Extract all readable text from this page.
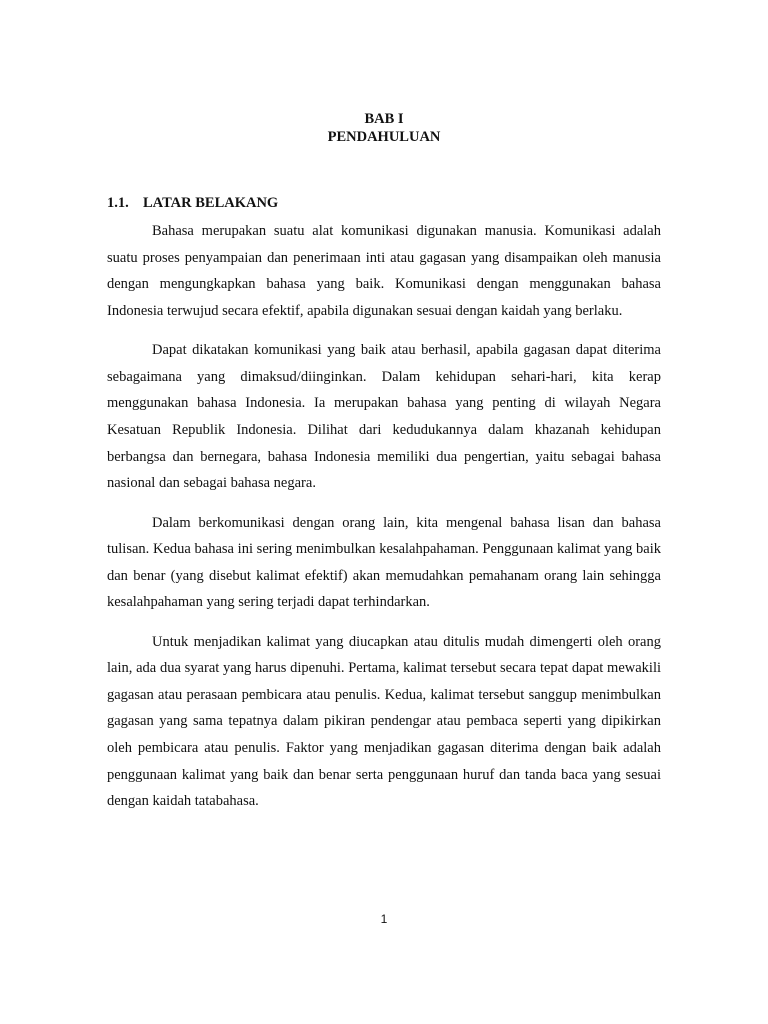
BAB I
PENDAHULUAN
1.1. LATAR BELAKANG

Bahasa merupakan suatu alat komunikasi digunakan manusia. Komunikasi adalah suatu proses penyampaian dan penerimaan inti atau gagasan yang disampaikan oleh manusia dengan mengungkapkan bahasa yang baik. Komunikasi dengan menggunakan bahasa Indonesia terwujud secara efektif, apabila digunakan sesuai dengan kaidah yang berlaku.

Dapat dikatakan komunikasi yang baik atau berhasil, apabila gagasan dapat diterima sebagaimana yang dimaksud/diinginkan. Dalam kehidupan sehari-hari, kita kerap menggunakan bahasa Indonesia. Ia merupakan bahasa yang penting di wilayah Negara Kesatuan Republik Indonesia. Dilihat dari kedudukannya dalam khazanah kehidupan berbangsa dan bernegara, bahasa Indonesia memiliki dua pengertian, yaitu sebagai bahasa nasional dan sebagai bahasa negara.

Dalam berkomunikasi dengan orang lain, kita mengenal bahasa lisan dan bahasa tulisan. Kedua bahasa ini sering menimbulkan kesalahpahaman. Penggunaan kalimat yang baik dan benar (yang disebut kalimat efektif) akan memudahkan pemahanam orang lain sehingga kesalahpahaman yang sering terjadi dapat terhindarkan.

Untuk menjadikan kalimat yang diucapkan atau ditulis mudah dimengerti oleh orang lain, ada dua syarat yang harus dipenuhi. Pertama, kalimat tersebut secara tepat dapat mewakili gagasan atau perasaan pembicara atau penulis. Kedua, kalimat tersebut sanggup menimbulkan gagasan yang sama tepatnya dalam pikiran pendengar atau pembaca seperti yang dipikirkan oleh pembicara atau penulis. Faktor yang menjadikan gagasan diterima dengan baik adalah penggunaan kalimat yang baik dan benar serta penggunaan huruf dan tanda baca yang sesuai dengan kaidah tatabahasa.

1
